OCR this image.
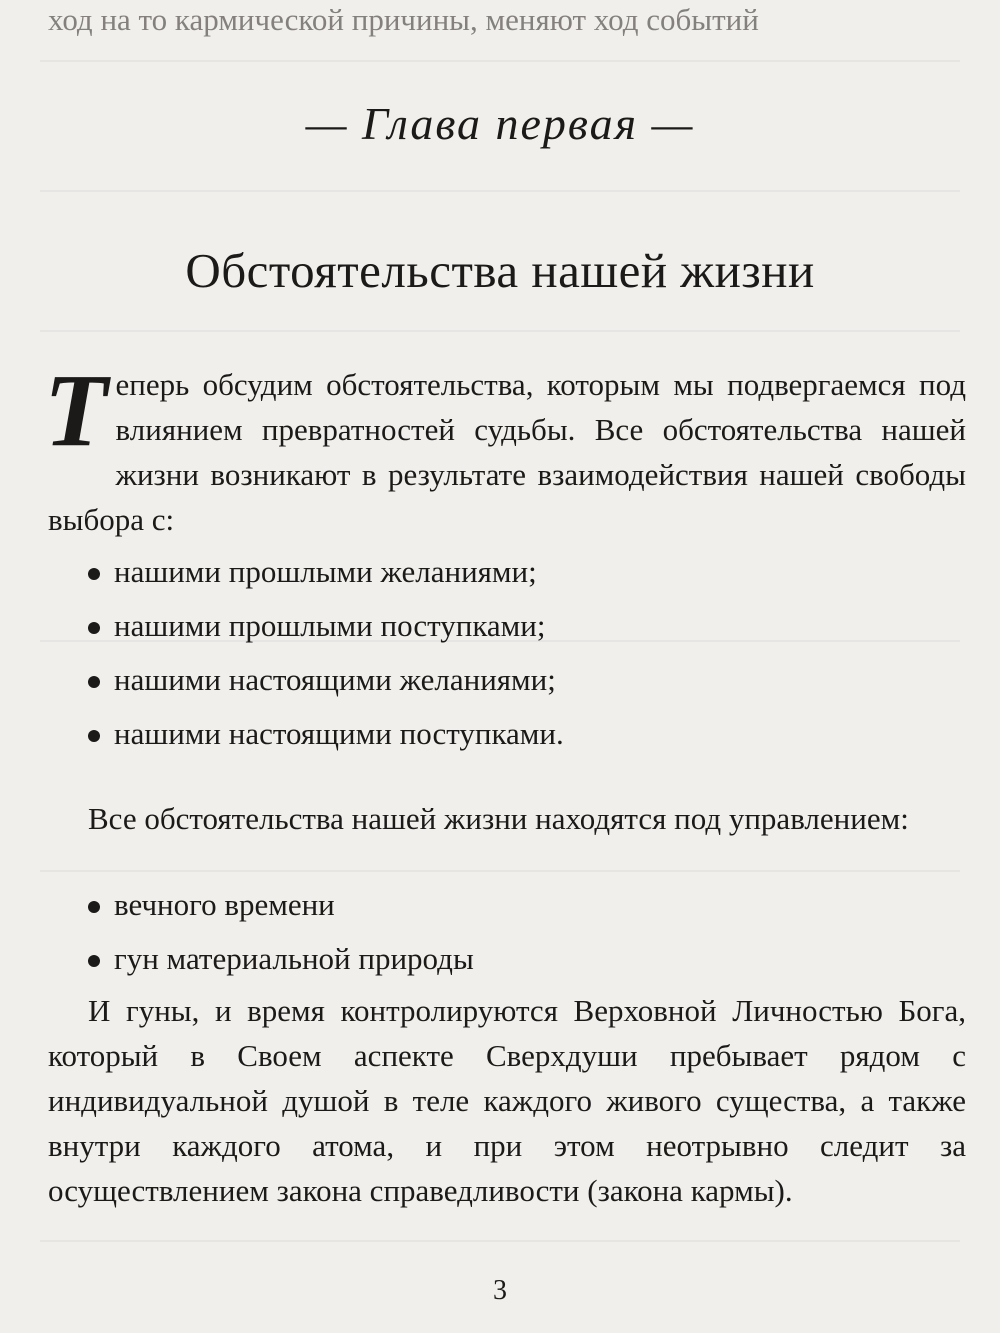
ход на то кармической причины, меняют ход событий
— Глава первая —
Обстоятельства нашей жизни
Теперь обсудим обстоятельства, которым мы подвергаемся под влиянием превратностей судьбы. Все обстоятельства нашей жизни возникают в результате взаимодействия нашей свободы выбора с:
нашими прошлыми желаниями;
нашими прошлыми поступками;
нашими настоящими желаниями;
нашими настоящими поступками.
Все обстоятельства нашей жизни находятся под управлением:
вечного времени
гун материальной природы
И гуны, и время контролируются Верховной Личностью Бога, который в Своем аспекте Сверхдуши пребывает рядом с индивидуальной душой в теле каждого живого существа, а также внутри каждого атома, и при этом неотрывно следит за осуществлением закона справедливости (закона кармы).
3
